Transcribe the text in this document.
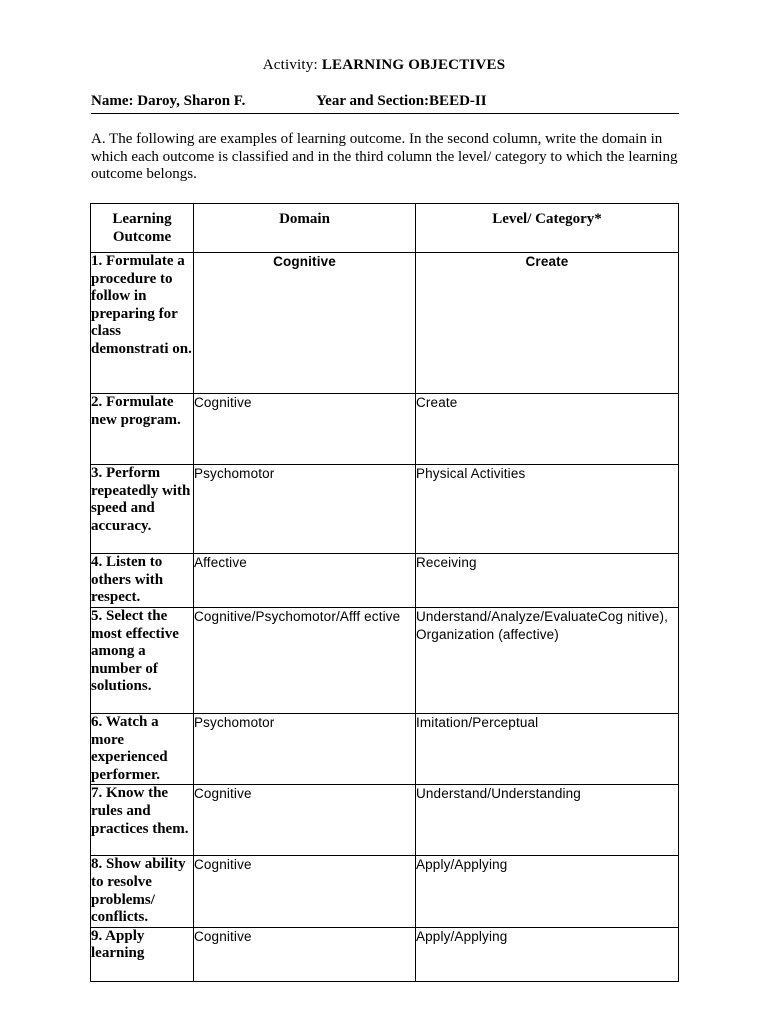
Activity: LEARNING OBJECTIVES
Name: Daroy, Sharon F.	Year and Section:BEED-II
A. The following are examples of learning outcome. In the second column, write the domain in which each outcome is classified and in the third column the level/ category to which the learning outcome belongs.
Learning Outcome	Domain	Level/ Category*

1. Formulate a procedure to follow in preparing for class demonstrati on.	Cognitive	Create
2. Formulate new program.	Cognitive	Create
3. Perform repeatedly with speed and accuracy.	Psychomotor	Physical Activities
4. Listen to others with respect.	Affective	Receiving
5. Select the most effective among a number of solutions.	Cognitive/Psychomotor/Afff ective	Understand/Analyze/EvaluateCog nitive), Organization (affective)
6. Watch a more experienced performer.	Psychomotor	Imitation/Perceptual
7. Know the rules and practices them.	Cognitive	Understand/Understanding
8. Show ability to resolve problems/ conflicts.	Cognitive	Apply/Applying
9. Apply learning	Cognitive	Apply/Applying
